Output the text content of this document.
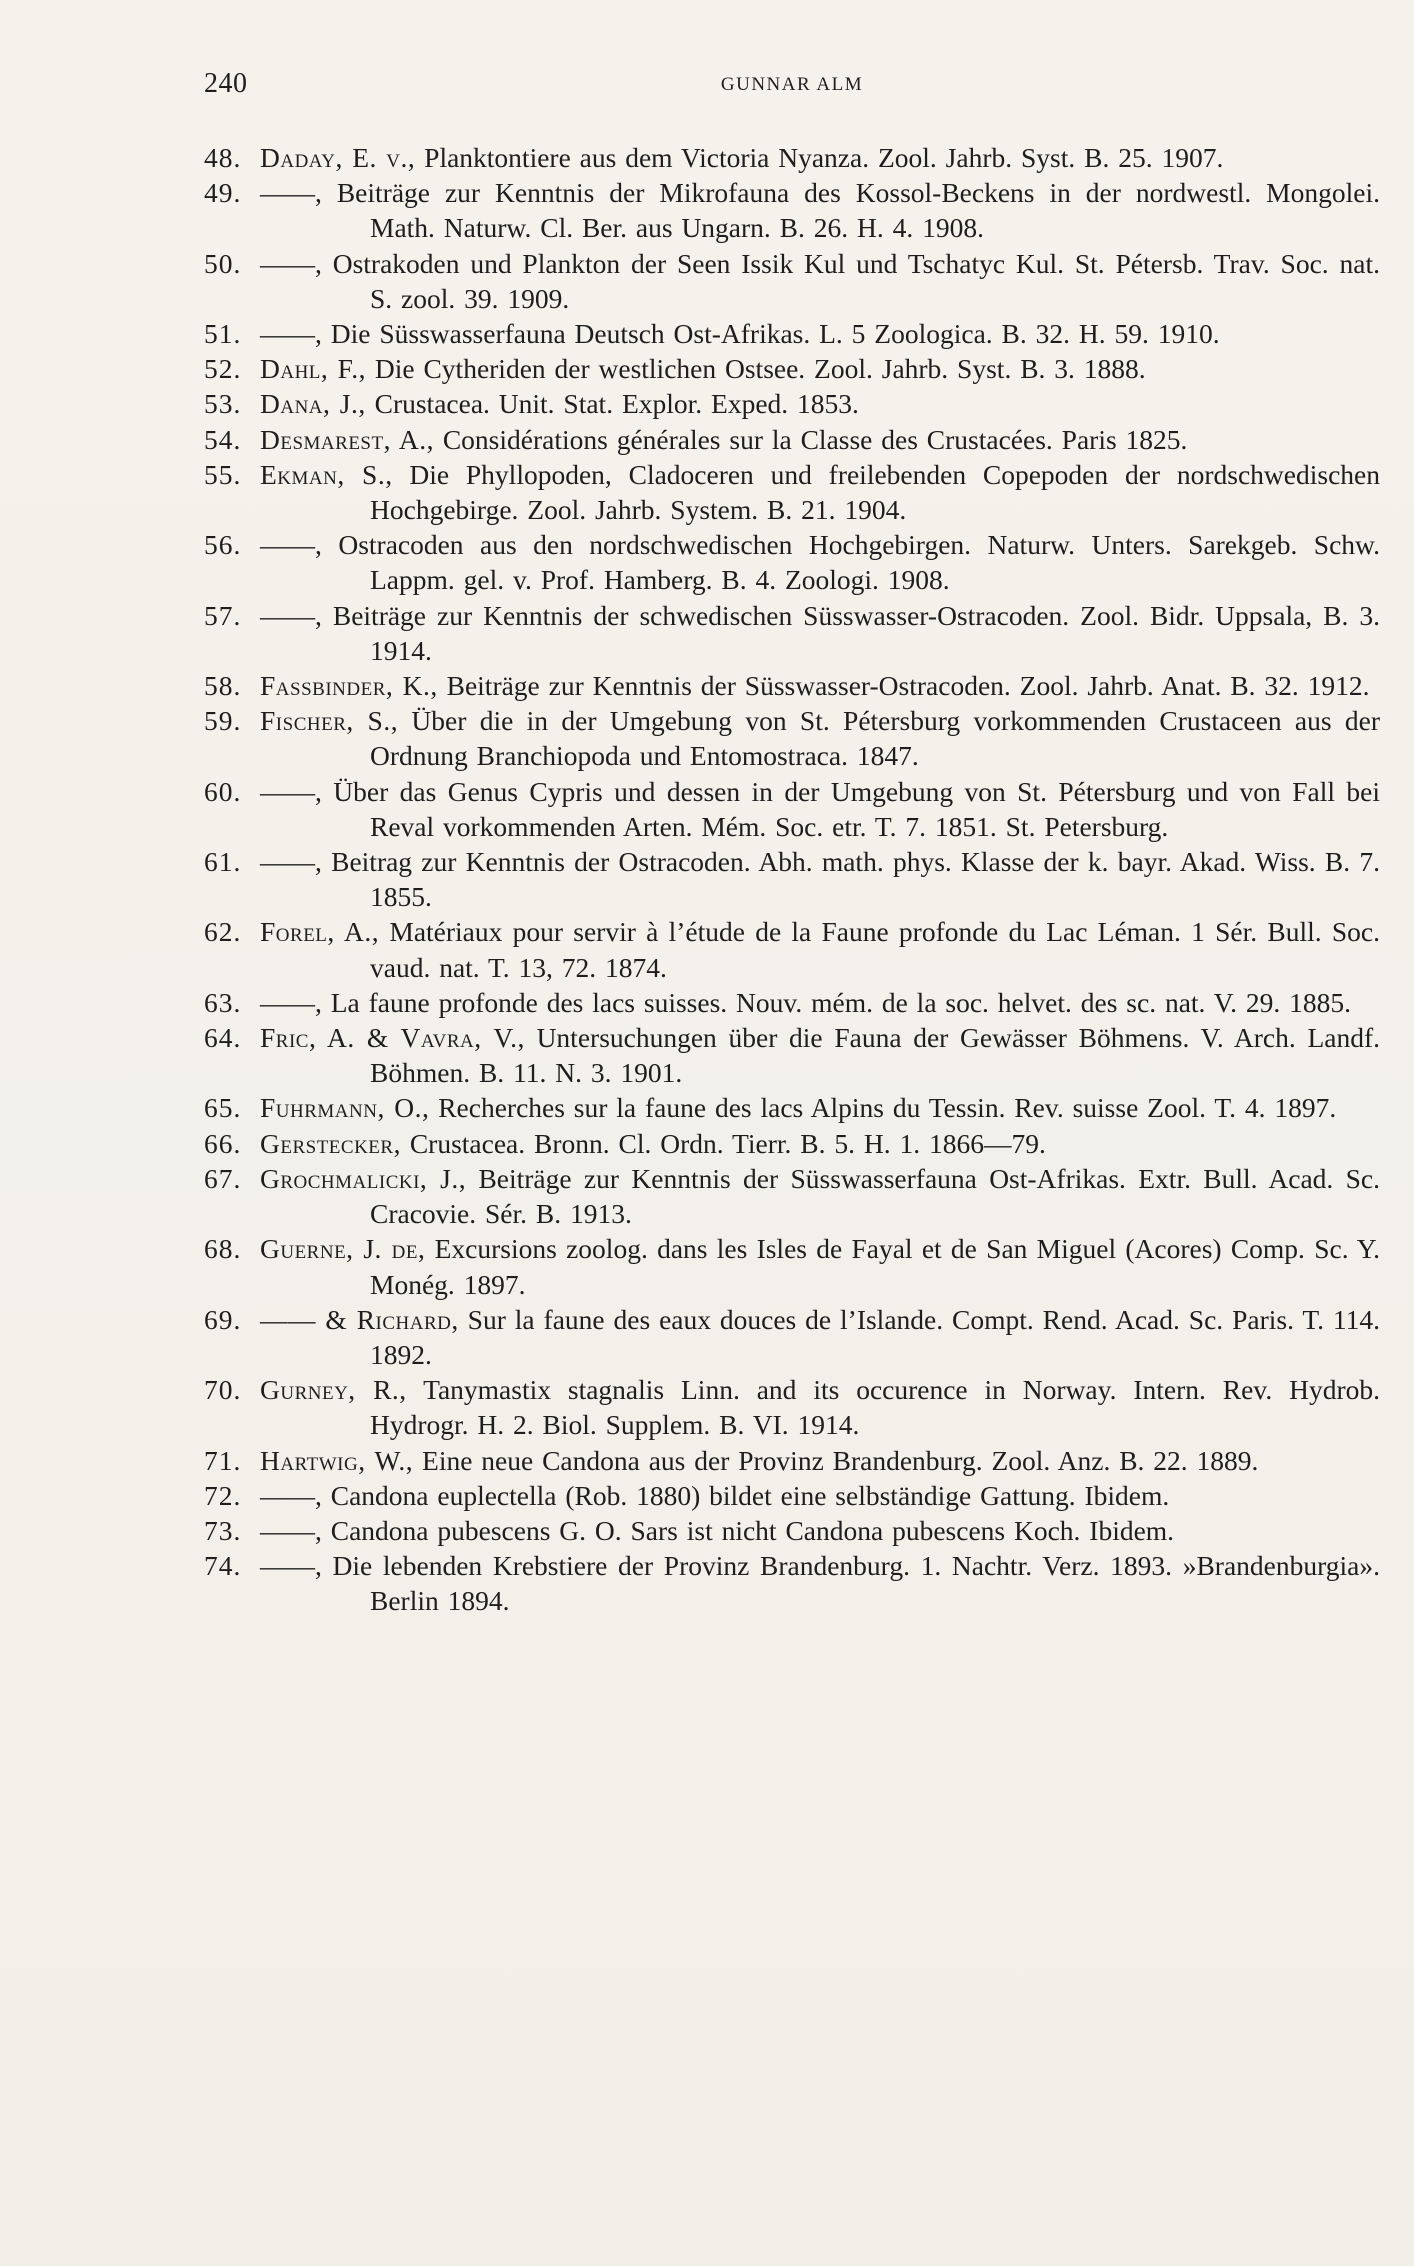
240	GUNNAR ALM
48. Daday, E. v., Planktontiere aus dem Victoria Nyanza. Zool. Jahrb. Syst. B. 25. 1907.
49. ——, Beiträge zur Kenntnis der Mikrofauna des Kossol-Beckens in der nordwestl. Mongolei. Math. Naturw. Cl. Ber. aus Ungarn. B. 26. H. 4. 1908.
50. ——, Ostrakoden und Plankton der Seen Issik Kul und Tschatyc Kul. St. Pétersb. Trav. Soc. nat. S. zool. 39. 1909.
51. ——, Die Süsswasserfauna Deutsch Ost-Afrikas. L. 5 Zoologica. B. 32. H. 59. 1910.
52. Dahl, F., Die Cytheriden der westlichen Ostsee. Zool. Jahrb. Syst. B. 3. 1888.
53. Dana, J., Crustacea. Unit. Stat. Explor. Exped. 1853.
54. Desmarest, A., Considérations générales sur la Classe des Crustacées. Paris 1825.
55. Ekman, S., Die Phyllopoden, Cladoceren und freilebenden Copepoden der nordschwedischen Hochgebirge. Zool. Jahrb. System. B. 21. 1904.
56. ——, Ostracoden aus den nordschwedischen Hochgebirgen. Naturw. Unters. Sarekgeb. Schw. Lappm. gel. v. Prof. Hamberg. B. 4. Zoologi. 1908.
57. ——, Beiträge zur Kenntnis der schwedischen Süsswasser-Ostracoden. Zool. Bidr. Uppsala, B. 3. 1914.
58. Fassbinder, K., Beiträge zur Kenntnis der Süsswasser-Ostracoden. Zool. Jahrb. Anat. B. 32. 1912.
59. Fischer, S., Über die in der Umgebung von St. Pétersburg vorkommenden Crustaceen aus der Ordnung Branchiopoda und Entomostraca. 1847.
60. ——, Über das Genus Cypris und dessen in der Umgebung von St. Pétersburg und von Fall bei Reval vorkommenden Arten. Mém. Soc. etr. T. 7. 1851. St. Petersburg.
61. ——, Beitrag zur Kenntnis der Ostracoden. Abh. math. phys. Klasse der k. bayr. Akad. Wiss. B. 7. 1855.
62. Forel, A., Matériaux pour servir à l’étude de la Faune profonde du Lac Léman. 1 Sér. Bull. Soc. vaud. nat. T. 13, 72. 1874.
63. ——, La faune profonde des lacs suisses. Nouv. mém. de la soc. helvet. des sc. nat. V. 29. 1885.
64. Fric, A. & Vavra, V., Untersuchungen über die Fauna der Gewässer Böhmens. V. Arch. Landf. Böhmen. B. 11. N. 3. 1901.
65. Fuhrmann, O., Recherches sur la faune des lacs Alpins du Tessin. Rev. suisse Zool. T. 4. 1897.
66. Gerstecker, Crustacea. Bronn. Cl. Ordn. Tierr. B. 5. H. 1. 1866—79.
67. Grochmalicki, J., Beiträge zur Kenntnis der Süsswasserfauna Ost-Afrikas. Extr. Bull. Acad. Sc. Cracovie. Sér. B. 1913.
68. Guerne, J. de, Excursions zoolog. dans les Isles de Fayal et de San Miguel (Acores) Comp. Sc. Y. Monég. 1897.
69. —— & Richard, Sur la faune des eaux douces de l’Islande. Compt. Rend. Acad. Sc. Paris. T. 114. 1892.
70. Gurney, R., Tanymastix stagnalis Linn. and its occurence in Norway. Intern. Rev. Hydrob. Hydrogr. H. 2. Biol. Supplem. B. VI. 1914.
71. Hartwig, W., Eine neue Candona aus der Provinz Brandenburg. Zool. Anz. B. 22. 1889.
72. ——, Candona euplectella (Rob. 1880) bildet eine selbständige Gattung. Ibidem.
73. ——, Candona pubescens G. O. Sars ist nicht Candona pubescens Koch. Ibidem.
74. ——, Die lebenden Krebstiere der Provinz Brandenburg. 1. Nachtr. Verz. 1893. »Brandenburgia». Berlin 1894.
